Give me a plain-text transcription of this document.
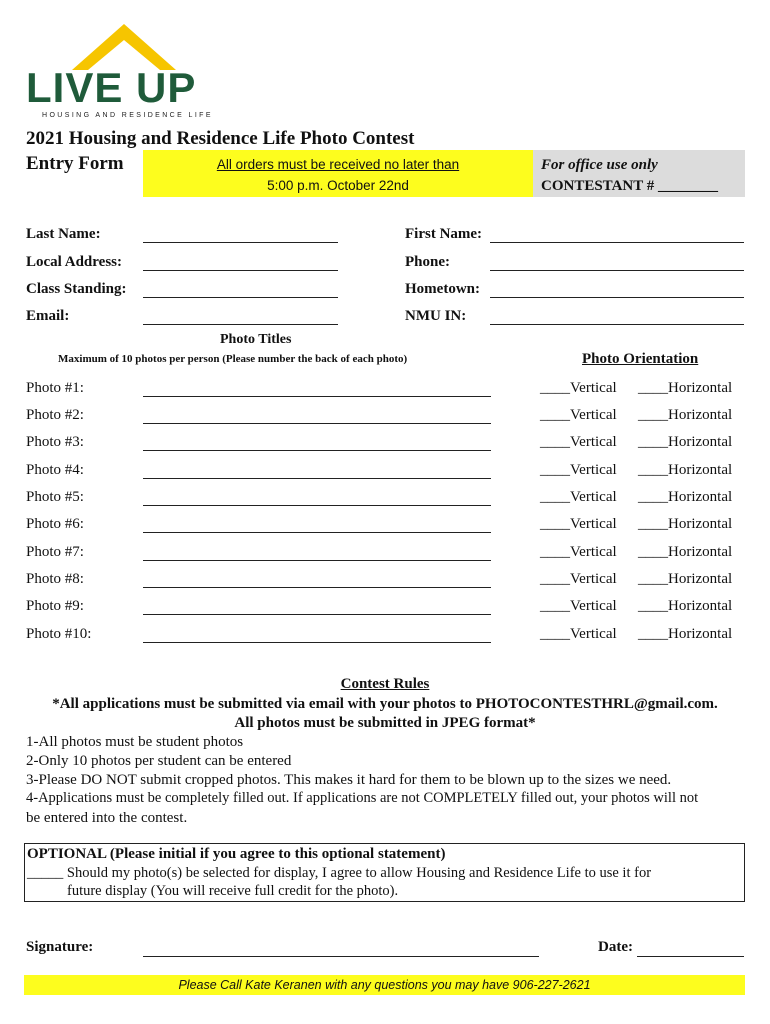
LIVE UP
HOUSING AND RESIDENCE LIFE
2021 Housing and Residence Life Photo Contest
Entry Form	All orders must be received no later than
5:00 p.m. October 22nd
For office use only
CONTESTANT # ________
Last Name:	First Name:
Local Address:	Phone:
Class Standing:	Hometown:
Email:	NMU IN:
Photo Titles
Maximum of 10 photos per person (Please number the back of each photo)	Photo Orientation
Photo #1:	____Vertical ____Horizontal
Photo #2:	____Vertical ____Horizontal
Photo #3:	____Vertical ____Horizontal
Photo #4:	____Vertical ____Horizontal
Photo #5:	____Vertical ____Horizontal
Photo #6:	____Vertical ____Horizontal
Photo #7:	____Vertical ____Horizontal
Photo #8:	____Vertical ____Horizontal
Photo #9:	____Vertical ____Horizontal
Photo #10:	____Vertical ____Horizontal
Contest Rules
*All applications must be submitted via email with your photos to PHOTOCONTESTHRL@gmail.com.
All photos must be submitted in JPEG format*
1-All photos must be student photos
2-Only 10 photos per student can be entered
3-Please DO NOT submit cropped photos. This makes it hard for them to be blown up to the sizes we need.
4-Applications must be completely filled out. If applications are not COMPLETELY filled out, your photos will not
be entered into the contest.
OPTIONAL (Please initial if you agree to this optional statement)
_____ Should my photo(s) be selected for display, I agree to allow Housing and Residence Life to use it for
future display (You will receive full credit for the photo).
Signature:	Date:
Please Call Kate Keranen with any questions you may have 906-227-2621
